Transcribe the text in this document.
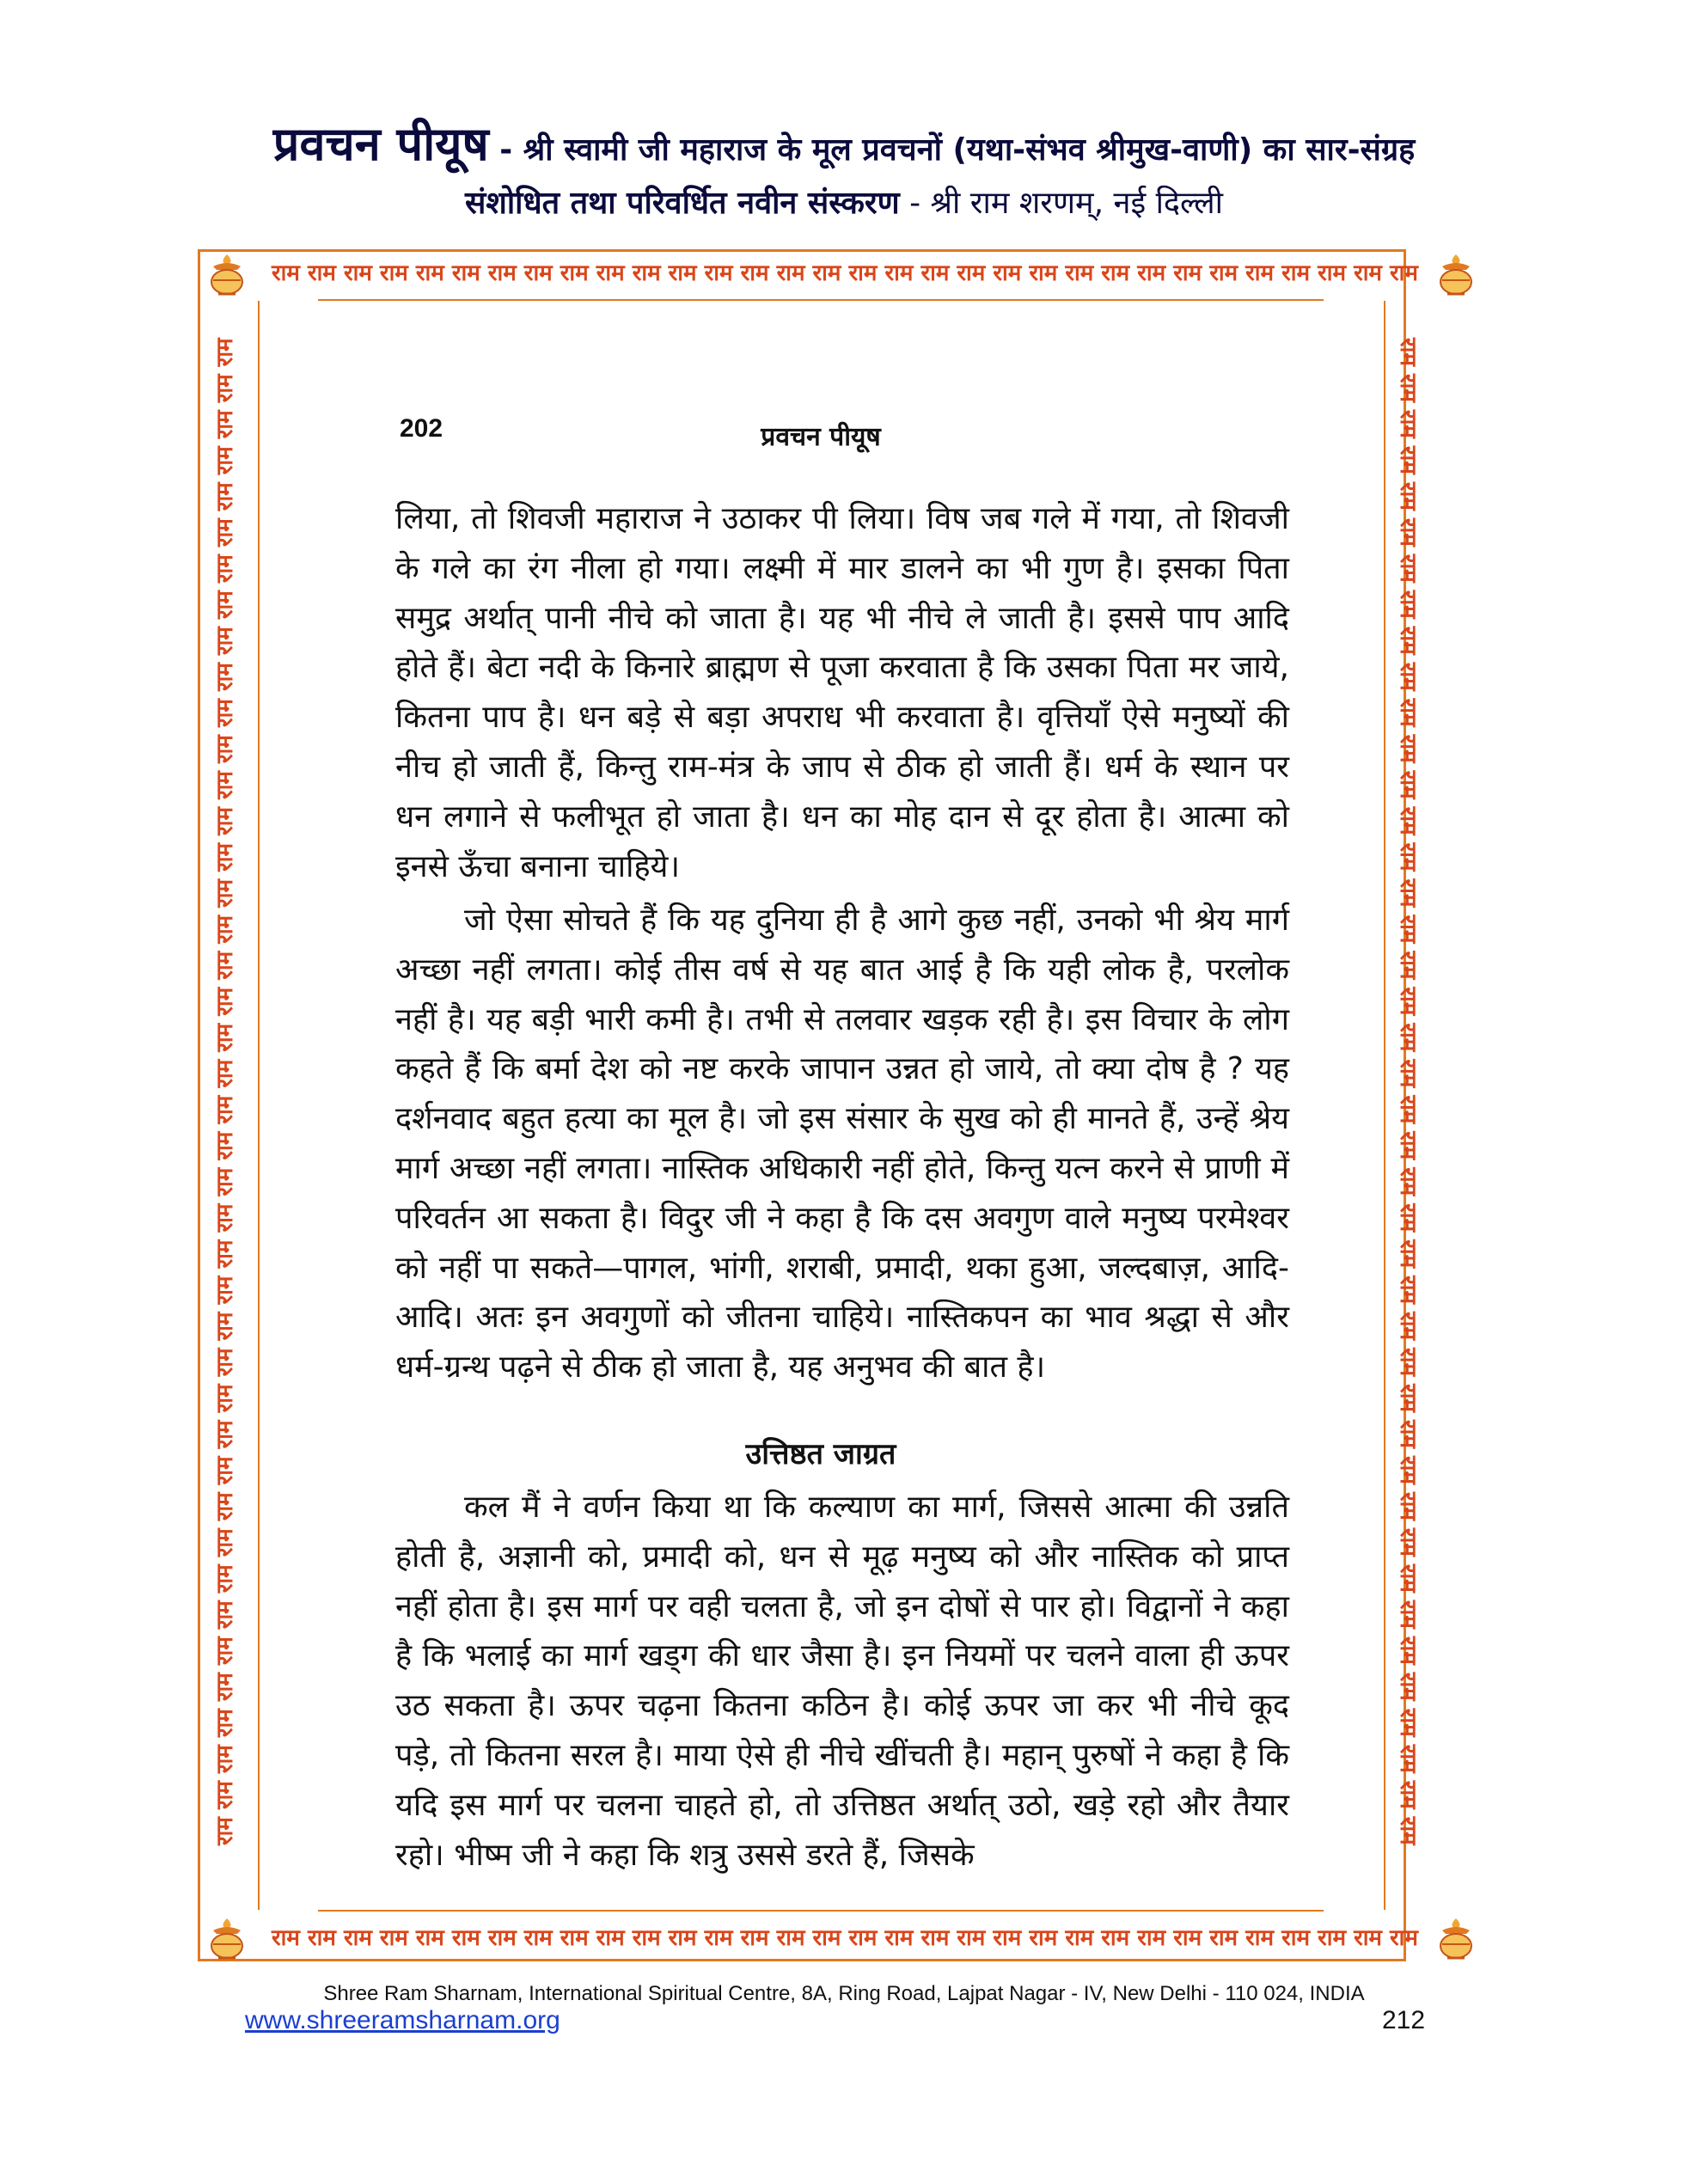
प्रवचन पीयूष - श्री स्वामी जी महाराज के मूल प्रवचनों (यथा-संभव श्रीमुख-वाणी) का सार-संग्रह
संशोधित तथा परिवर्धित नवीन संस्करण - श्री राम शरणम्, नई दिल्ली
राम राम राम राम राम राम राम राम राम राम राम राम राम राम राम राम राम राम राम राम राम राम राम राम राम राम राम राम राम राम राम राम
राम राम राम राम राम राम राम राम राम राम राम राम राम राम राम राम राम राम राम राम राम राम राम राम राम राम राम राम राम राम राम राम
राम राम राम राम राम राम राम राम राम राम राम राम राम राम राम राम राम राम राम राम राम राम राम राम राम राम राम राम राम राम राम राम राम राम राम राम राम राम राम राम राम राम	राम राम राम राम राम राम राम राम राम राम राम राम राम राम राम राम राम राम राम राम राम राम राम राम राम राम राम राम राम राम राम राम राम राम राम राम राम राम राम राम राम राम
202	प्रवचन पीयूष
लिया, तो शिवजी महाराज ने उठाकर पी लिया। विष जब गले में गया, तो शिवजी के गले का रंग नीला हो गया। लक्ष्मी में मार डालने का भी गुण है। इसका पिता समुद्र अर्थात् पानी नीचे को जाता है। यह भी नीचे ले जाती है। इससे पाप आदि होते हैं। बेटा नदी के किनारे ब्राह्मण से पूजा करवाता है कि उसका पिता मर जाये, कितना पाप है। धन बड़े से बड़ा अपराध भी करवाता है। वृत्तियाँ ऐसे मनुष्यों की नीच हो जाती हैं, किन्तु राम-मंत्र के जाप से ठीक हो जाती हैं। धर्म के स्थान पर धन लगाने से फलीभूत हो जाता है। धन का मोह दान से दूर होता है। आत्मा को इनसे ऊँचा बनाना चाहिये।
जो ऐसा सोचते हैं कि यह दुनिया ही है आगे कुछ नहीं, उनको भी श्रेय मार्ग अच्छा नहीं लगता। कोई तीस वर्ष से यह बात आई है कि यही लोक है, परलोक नहीं है। यह बड़ी भारी कमी है। तभी से तलवार खड़क रही है। इस विचार के लोग कहते हैं कि बर्मा देश को नष्ट करके जापान उन्नत हो जाये, तो क्या दोष है ? यह दर्शनवाद बहुत हत्या का मूल है। जो इस संसार के सुख को ही मानते हैं, उन्हें श्रेय मार्ग अच्छा नहीं लगता। नास्तिक अधिकारी नहीं होते, किन्तु यत्न करने से प्राणी में परिवर्तन आ सकता है। विदुर जी ने कहा है कि दस अवगुण वाले मनुष्य परमेश्वर को नहीं पा सकते—पागल, भांगी, शराबी, प्रमादी, थका हुआ, जल्दबाज़, आदि-आदि। अतः इन अवगुणों को जीतना चाहिये। नास्तिकपन का भाव श्रद्धा से और धर्म-ग्रन्थ पढ़ने से ठीक हो जाता है, यह अनुभव की बात है।
उत्तिष्ठत जाग्रत
कल मैं ने वर्णन किया था कि कल्याण का मार्ग, जिससे आत्मा की उन्नति होती है, अज्ञानी को, प्रमादी को, धन से मूढ़ मनुष्य को और नास्तिक को प्राप्त नहीं होता है। इस मार्ग पर वही चलता है, जो इन दोषों से पार हो। विद्वानों ने कहा है कि भलाई का मार्ग खड्ग की धार जैसा है। इन नियमों पर चलने वाला ही ऊपर उठ सकता है। ऊपर चढ़ना कितना कठिन है। कोई ऊपर जा कर भी नीचे कूद पड़े, तो कितना सरल है। माया ऐसे ही नीचे खींचती है। महान् पुरुषों ने कहा है कि यदि इस मार्ग पर चलना चाहते हो, तो उत्तिष्ठत अर्थात् उठो, खड़े रहो और तैयार रहो। भीष्म जी ने कहा कि शत्रु उससे डरते हैं, जिसके
Shree Ram Sharnam, International Spiritual Centre, 8A, Ring Road, Lajpat Nagar - IV, New Delhi - 110 024, INDIA
www.shreeramsharnam.org	212
